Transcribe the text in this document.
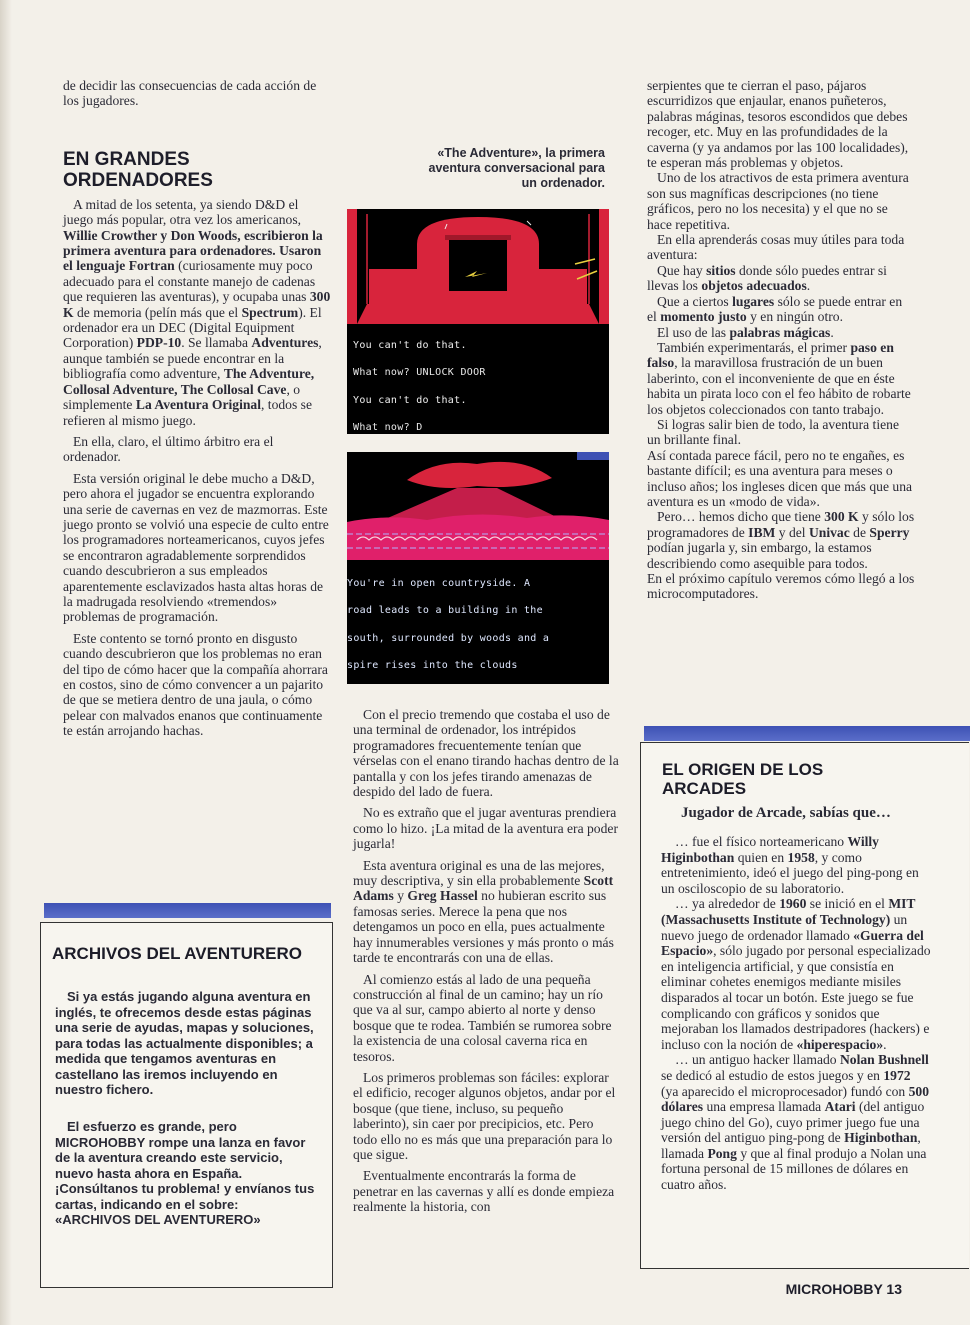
de decidir las consecuencias de cada acción de los jugadores.

EN GRANDES ORDENADORES

A mitad de los setenta, ya siendo D&D el juego más popular, otra vez los americanos, Willie Crowther y Don Woods, escribieron la primera aventura para ordenadores. Usaron el lenguaje Fortran (curiosamente muy poco adecuado para el constante manejo de cadenas que requieren las aventuras), y ocupaba unas 300 K de memoria (pelín más que el Spectrum). El ordenador era un DEC (Digital Equipment Corporation) PDP-10. Se llamaba Adventures, aunque también se puede encontrar en la bibliografía como adventure, The Adventure, Collosal Adventure, The Collosal Cave, o simplemente La Aventura Original, todos se refieren al mismo juego.

En ella, claro, el último árbitro era el ordenador.

Esta versión original le debe mucho a D&D, pero ahora el jugador se encuentra explorando una serie de cavernas en vez de mazmorras. Este juego pronto se volvió una especie de culto entre los programadores norteamericanos, cuyos jefes se encontraron agradablemente sorprendidos cuando descubrieron a sus empleados aparentemente esclavizados hasta altas horas de la madrugada resolviendo «tremendos» problemas de programación.

Este contento se tornó pronto en disgusto cuando descubrieron que los problemas no eran del tipo de cómo hacer que la compañía ahorrara en costos, sino de cómo convencer a un pajarito de que se metiera dentro de una jaula, o cómo pelear con malvados enanos que continuamente te están arrojando hachas.

«The Adventure», la primera aventura conversacional para un ordenador.

You can't do that.

What now? UNLOCK DOOR

You can't do that.

What now? D

You're in open countryside. A

road leads to a building in the

south, surrounded by woods and a

spire rises into the clouds

Con el precio tremendo que costaba el uso de una terminal de ordenador, los intrépidos programadores frecuentemente tenían que vérselas con el enano tirando hachas dentro de la pantalla y con los jefes tirando amenazas de despido del lado de fuera.

No es extraño que el jugar aventuras prendiera como lo hizo. ¡La mitad de la aventura era poder jugarla!

Esta aventura original es una de las mejores, muy descriptiva, y sin ella probablemente Scott Adams y Greg Hassel no hubieran escrito sus famosas series. Merece la pena que nos detengamos un poco en ella, pues actualmente hay innumerables versiones y más pronto o más tarde te encontrarás con una de ellas.

Al comienzo estás al lado de una pequeña construcción al final de un camino; hay un río que va al sur, campo abierto al norte y denso bosque que te rodea. También se rumorea sobre la existencia de una colosal caverna rica en tesoros.

Los primeros problemas son fáciles: explorar el edificio, recoger algunos objetos, andar por el bosque (que tiene, incluso, su pequeño laberinto), sin caer por precipicios, etc. Pero todo ello no es más que una preparación para lo que sigue.

Eventualmente encontrarás la forma de penetrar en las cavernas y allí es donde empieza realmente la historia, con

serpientes que te cierran el paso, pájaros escurridizos que enjaular, enanos puñeteros, palabras máginas, tesoros escondidos que debes recoger, etc. Muy en las profundidades de la caverna (y ya andamos por las 100 localidades), te esperan más problemas y objetos.

Uno de los atractivos de esta primera aventura son sus magníficas descripciones (no tiene gráficos, pero no los necesita) y el que no se hace repetitiva.

En ella aprenderás cosas muy útiles para toda aventura:

Que hay sitios donde sólo puedes entrar si llevas los objetos adecuados.

Que a ciertos lugares sólo se puede entrar en el momento justo y en ningún otro.

El uso de las palabras mágicas.

También experimentarás, el primer paso en falso, la maravillosa frustración de un buen laberinto, con el inconveniente de que en éste habita un pirata loco con el feo hábito de robarte los objetos coleccionados con tanto trabajo.

Si logras salir bien de todo, la aventura tiene un brillante final.

Así contada parece fácil, pero no te engañes, es bastante difícil; es una aventura para meses o incluso años; los ingleses dicen que más que una aventura es un «modo de vida».

Pero… hemos dicho que tiene 300 K y sólo los programadores de IBM y del Univac de Sperry podían jugarla y, sin embargo, la estamos describiendo como asequible para todos.

En el próximo capítulo veremos cómo llegó a los microcomputadores.

ARCHIVOS DEL AVENTURERO
Si ya estás jugando alguna aventura en inglés, te ofrecemos desde estas páginas una serie de ayudas, mapas y soluciones, para todas las actualmente disponibles; a medida que tengamos aventuras en castellano las iremos incluyendo en nuestro fichero.
El esfuerzo es grande, pero MICROHOBBY rompe una lanza en favor de la aventura creando este servicio, nuevo hasta ahora en España. ¡Consúltanos tu problema! y envíanos tus cartas, indicando en el sobre: «ARCHIVOS DEL AVENTURERO»
EL ORIGEN DE LOS ARCADES
Jugador de Arcade, sabías que…

… fue el físico norteamericano Willy Higinbothan quien en 1958, y como entretenimiento, ideó el juego del ping-pong en un osciloscopio de su laboratorio.

… ya alrededor de 1960 se inició en el MIT (Massachusetts Institute of Technology) un nuevo juego de ordenador llamado «Guerra del Espacio», sólo jugado por personal especializado en inteligencia artificial, y que consistía en eliminar cohetes enemigos mediante misiles disparados al tocar un botón. Este juego se fue complicando con gráficos y sonidos que mejoraban los llamados destripadores (hackers) e incluso con la noción de «hiperespacio».

… un antiguo hacker llamado Nolan Bushnell se dedicó al estudio de estos juegos y en 1972 (ya aparecido el microprocesador) fundó con 500 dólares una empresa llamada Atari (del antiguo juego chino del Go), cuyo primer juego fue una versión del antiguo ping-pong de Higinbothan, llamada Pong y que al final produjo a Nolan una fortuna personal de 15 millones de dólares en cuatro años.

MICROHOBBY 13
